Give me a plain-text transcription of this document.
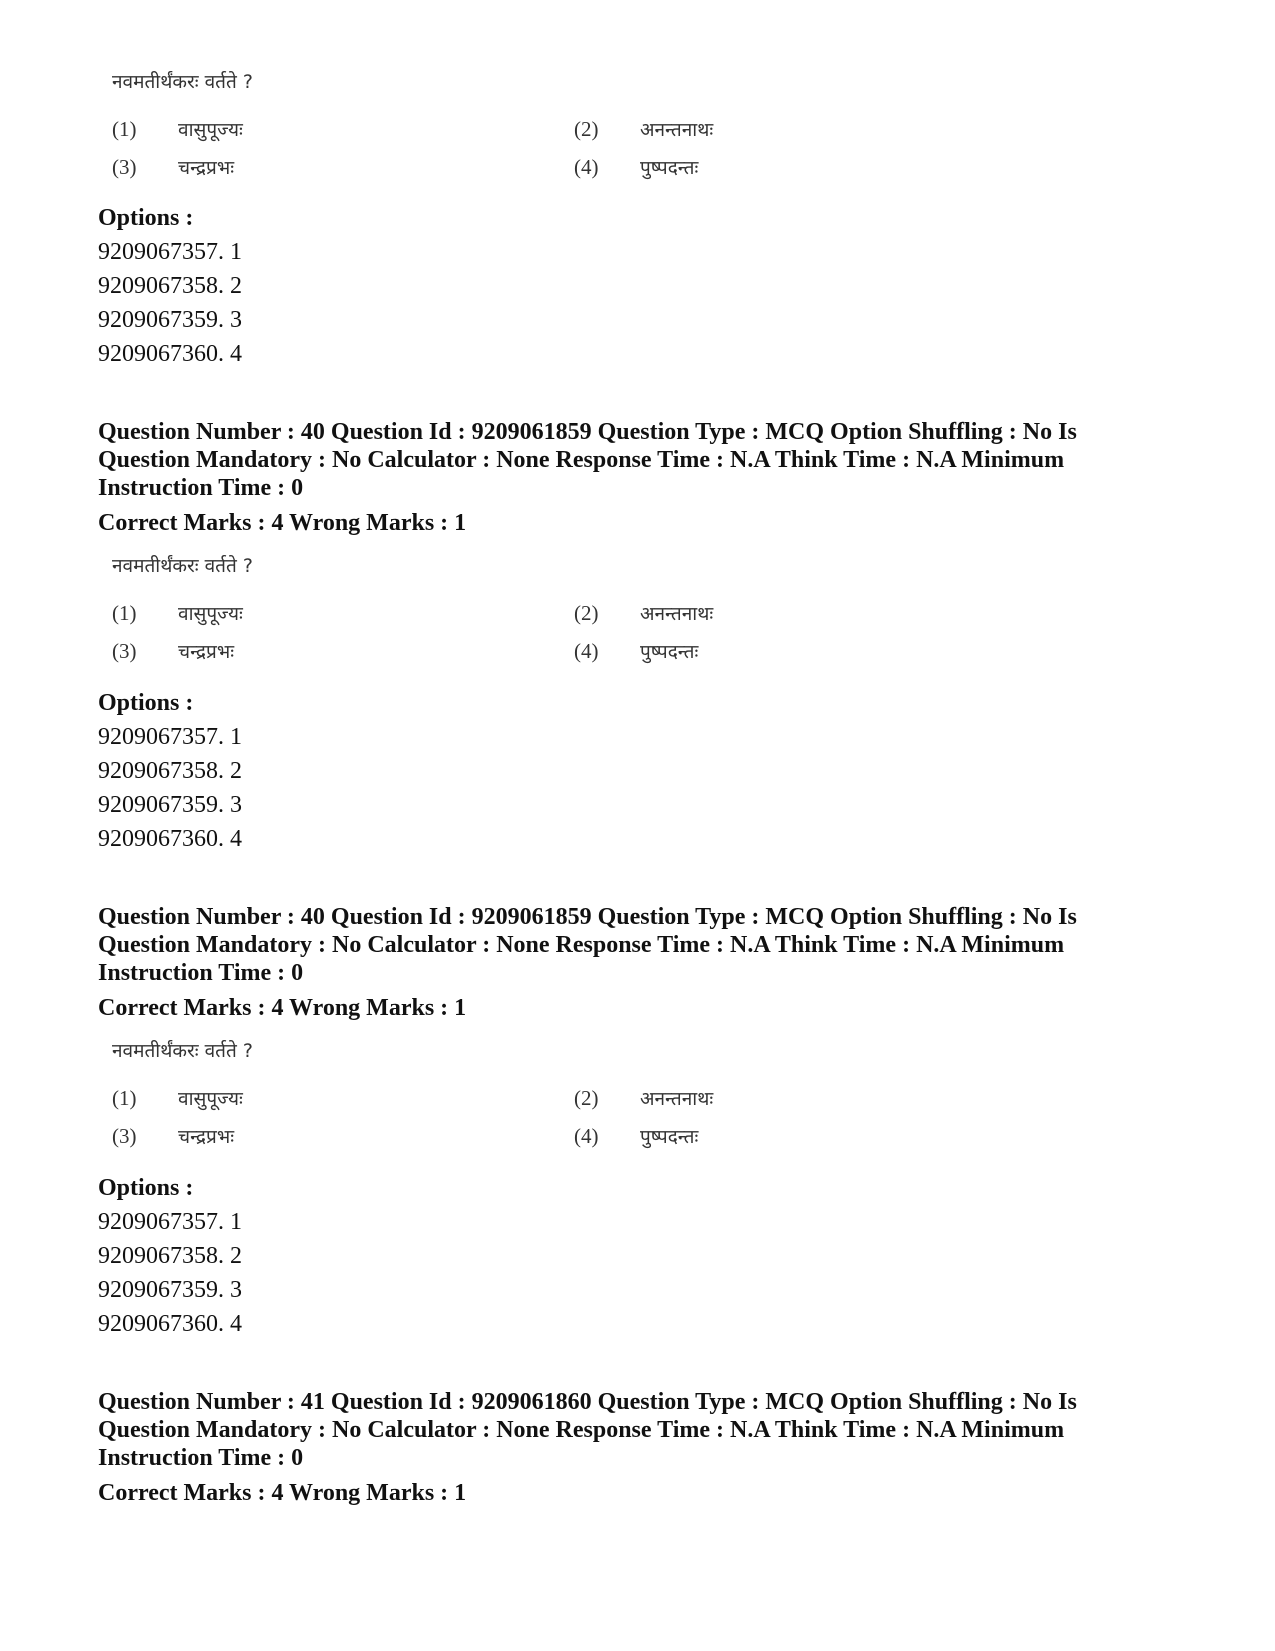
नवमतीर्थंकरः वर्तते ?
(1) वासुपूज्यः	(2) अनन्तनाथः
(3) चन्द्रप्रभः	(4) पुष्पदन्तः
Options :
9209067357. 1
9209067358. 2
9209067359. 3
9209067360. 4
Question Number : 40 Question Id : 9209061859 Question Type : MCQ Option Shuffling : No Is
Question Mandatory : No Calculator : None Response Time : N.A Think Time : N.A Minimum
Instruction Time : 0
Correct Marks : 4 Wrong Marks : 1
नवमतीर्थंकरः वर्तते ?
(1) वासुपूज्यः	(2) अनन्तनाथः
(3) चन्द्रप्रभः	(4) पुष्पदन्तः
Options :
9209067357. 1
9209067358. 2
9209067359. 3
9209067360. 4
Question Number : 40 Question Id : 9209061859 Question Type : MCQ Option Shuffling : No Is
Question Mandatory : No Calculator : None Response Time : N.A Think Time : N.A Minimum
Instruction Time : 0
Correct Marks : 4 Wrong Marks : 1
नवमतीर्थंकरः वर्तते ?
(1) वासुपूज्यः	(2) अनन्तनाथः
(3) चन्द्रप्रभः	(4) पुष्पदन्तः
Options :
9209067357. 1
9209067358. 2
9209067359. 3
9209067360. 4
Question Number : 41 Question Id : 9209061860 Question Type : MCQ Option Shuffling : No Is
Question Mandatory : No Calculator : None Response Time : N.A Think Time : N.A Minimum
Instruction Time : 0
Correct Marks : 4 Wrong Marks : 1
